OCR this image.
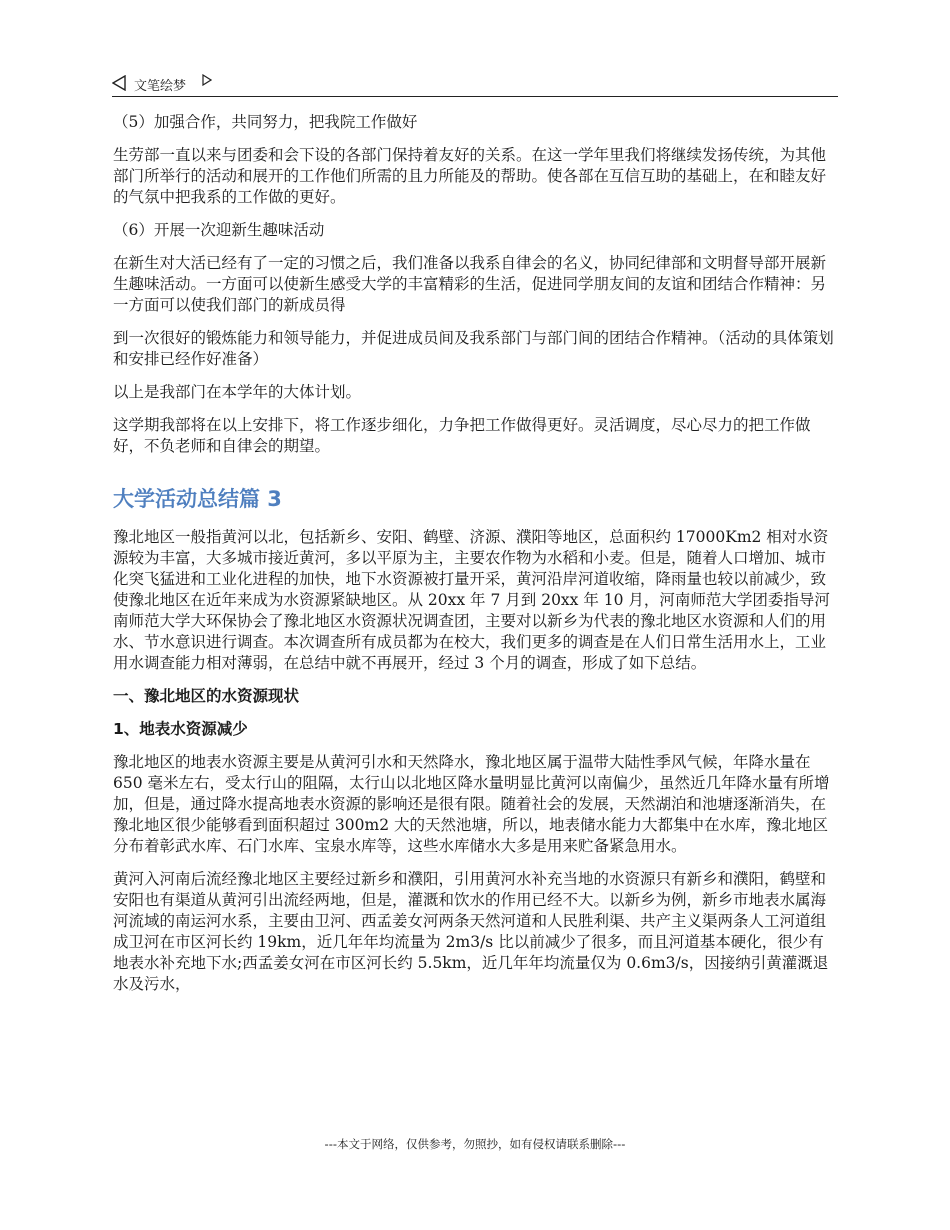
文笔绘梦

（5）加强合作，共同努力，把我院工作做好

生劳部一直以来与团委和会下设的各部门保持着友好的关系。在这一学年里我们将继续发扬传统，为其他部门所举行的活动和展开的工作他们所需的且力所能及的帮助。使各部在互信互助的基础上，在和睦友好的气氛中把我系的工作做的更好。

（6）开展一次迎新生趣味活动

在新生对大活已经有了一定的习惯之后，我们准备以我系自律会的名义，协同纪律部和文明督导部开展新生趣味活动。一方面可以使新生感受大学的丰富精彩的生活，促进同学朋友间的友谊和团结合作精神：另一方面可以使我们部门的新成员得

到一次很好的锻炼能力和领导能力，并促进成员间及我系部门与部门间的团结合作精神。（活动的具体策划和安排已经作好准备）

以上是我部门在本学年的大体计划。

这学期我部将在以上安排下，将工作逐步细化，力争把工作做得更好。灵活调度，尽心尽力的把工作做好，不负老师和自律会的期望。

大学活动总结篇 3

豫北地区一般指黄河以北，包括新乡、安阳、鹤壁、济源、濮阳等地区，总面积约 17000Km2 相对水资源较为丰富，大多城市接近黄河，多以平原为主，主要农作物为水稻和小麦。但是，随着人口增加、城市化突飞猛进和工业化进程的加快，地下水资源被打量开采，黄河沿岸河道收缩，降雨量也较以前减少，致使豫北地区在近年来成为水资源紧缺地区。从 20xx 年 7 月到 20xx 年 10 月，河南师范大学团委指导河南师范大学大环保协会了豫北地区水资源状况调查团，主要对以新乡为代表的豫北地区水资源和人们的用水、节水意识进行调查。本次调查所有成员都为在校大，我们更多的调查是在人们日常生活用水上，工业用水调查能力相对薄弱，在总结中就不再展开，经过 3 个月的调查，形成了如下总结。

一、豫北地区的水资源现状
1、地表水资源减少

豫北地区的地表水资源主要是从黄河引水和天然降水，豫北地区属于温带大陆性季风气候，年降水量在 650 毫米左右，受太行山的阻隔，太行山以北地区降水量明显比黄河以南偏少，虽然近几年降水量有所增加，但是，通过降水提高地表水资源的影响还是很有限。随着社会的发展，天然湖泊和池塘逐渐消失，在豫北地区很少能够看到面积超过 300m2 大的天然池塘，所以，地表储水能力大都集中在水库，豫北地区分布着彰武水库、石门水库、宝泉水库等，这些水库储水大多是用来贮备紧急用水。

黄河入河南后流经豫北地区主要经过新乡和濮阳，引用黄河水补充当地的水资源只有新乡和濮阳，鹤壁和安阳也有渠道从黄河引出流经两地，但是，灌溉和饮水的作用已经不大。以新乡为例，新乡市地表水属海河流域的南运河水系，主要由卫河、西孟姜女河两条天然河道和人民胜利渠、共产主义渠两条人工河道组成卫河在市区河长约 19km，近几年年均流量为 2m3/s 比以前减少了很多，而且河道基本硬化，很少有地表水补充地下水;西孟姜女河在市区河长约 5.5km，近几年年均流量仅为 0.6m3/s，因接纳引黄灌溉退水及污水，

---本文于网络，仅供参考，勿照抄，如有侵权请联系删除---
